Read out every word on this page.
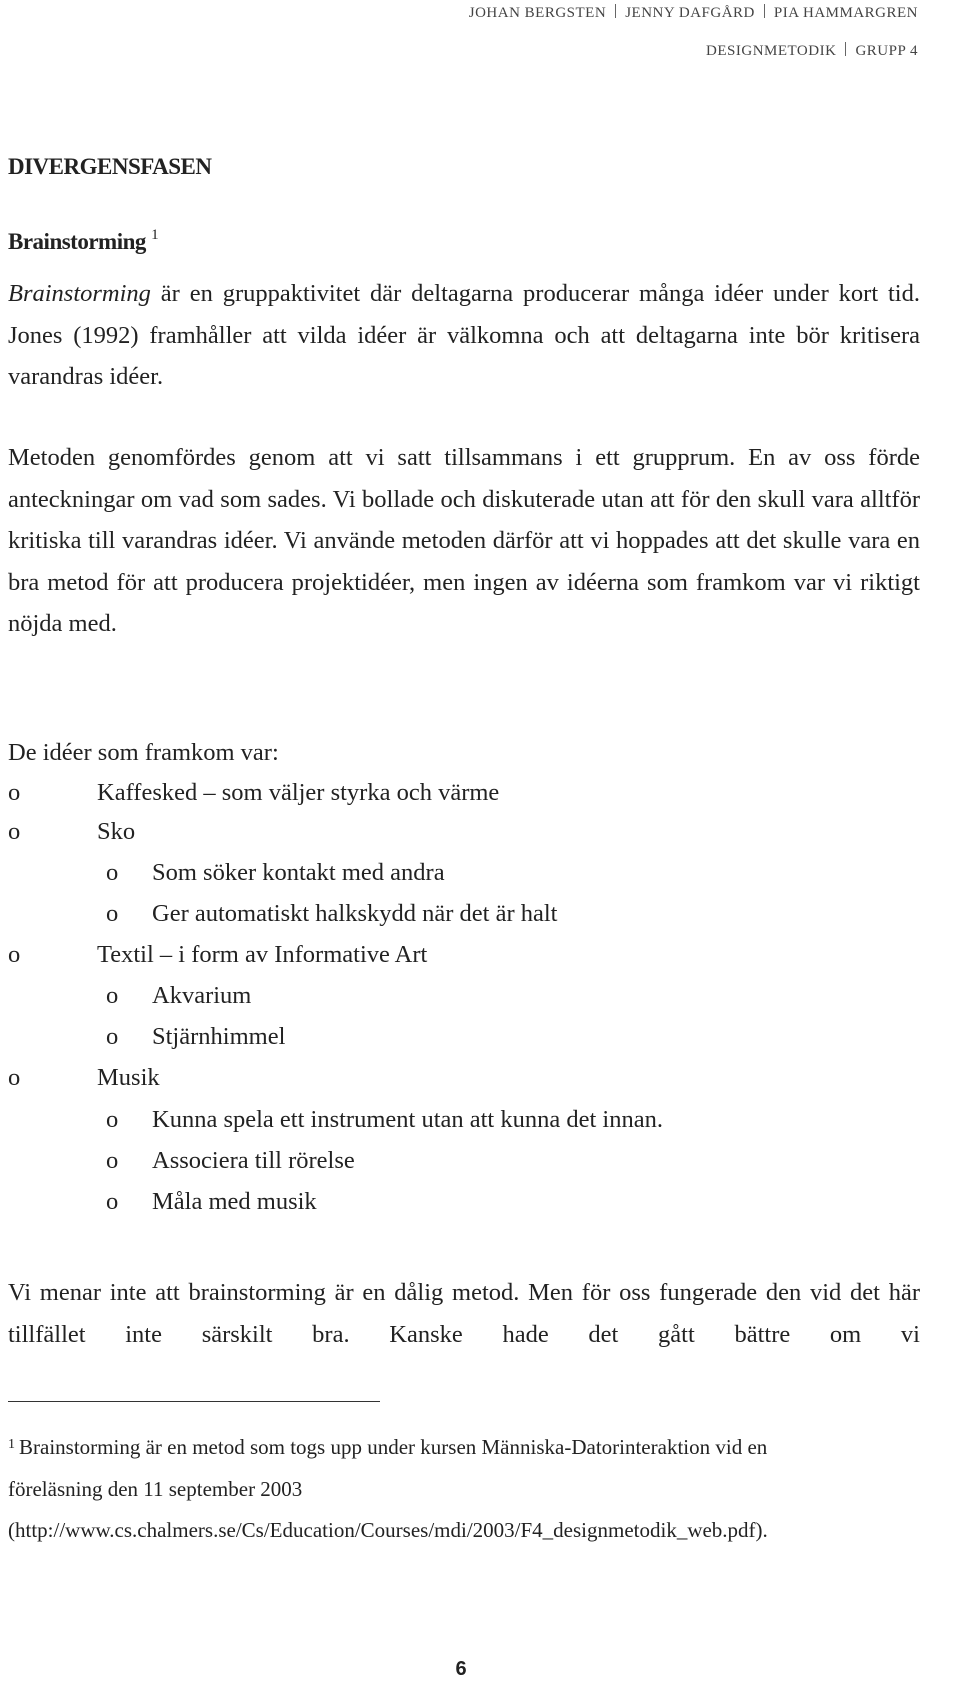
JOHAN BERGSTEN JENNY DAFGÅRD PIA HAMMARGREN
DESIGNMETODIK GRUPP 4
DIVERGENSFASEN
Brainstorming $^1$

Brainstorming är en gruppaktivitet där deltagarna producerar många idéer under kort tid. Jones (1992) framhåller att vilda idéer är välkomna och att deltagarna inte bör kritisera varandras idéer.

Metoden genomfördes genom att vi satt tillsammans i ett grupprum. En av oss förde anteckningar om vad som sades. Vi bollade och diskuterade utan att för den skull vara alltför kritiska till varandras idéer. Vi använde metoden därför att vi hoppades att det skulle vara en bra metod för att producera projektidéer, men ingen av idéerna som framkom var vi riktigt nöjda med.

De idéer som framkom var:

o	Kaffesked – som väljer styrka och värme
o	Sko
o Som söker kontakt med andra
o Ger automatiskt halkskydd när det är halt
o	Textil – i form av Informative Art
o Akvarium
o Stjärnhimmel
o	Musik
o Kunna spela ett instrument utan att kunna det innan.
o Associera till rörelse
o Måla med musik

Vi menar inte att brainstorming är en dålig metod. Men för oss fungerade den vid det här tillfället inte särskilt bra. Kanske hade det gått bättre om vi

$^1$ Brainstorming är en metod som togs upp under kursen Människa-Datorinteraktion vid en
föreläsning den 11 september 2003
(http://www.cs.chalmers.se/Cs/Education/Courses/mdi/2003/F4_designmetodik_web.pdf).
6
